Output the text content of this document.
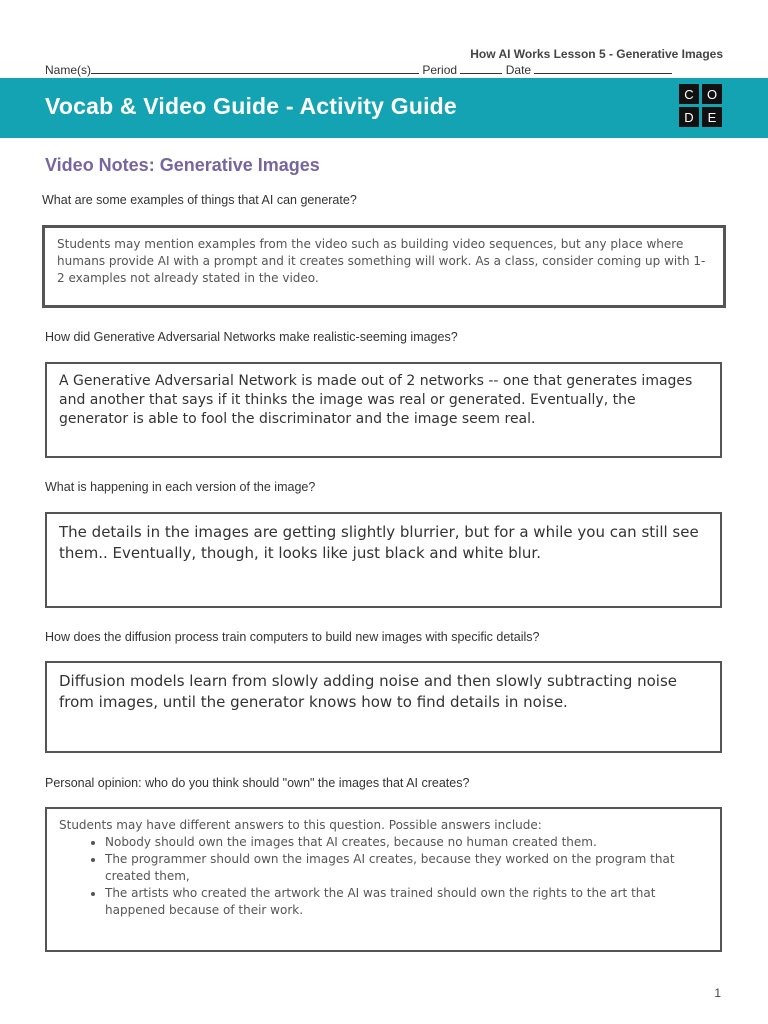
How AI Works Lesson 5 - Generative Images
Name(s)	Period	Date
Vocab & Video Guide - Activity Guide	C	O
D	E
Video Notes: Generative Images
What are some examples of things that AI can generate?
Students may mention examples from the video such as building video sequences, but any place where humans provide AI with a prompt and it creates something will work. As a class, consider coming up with 1-2 examples not already stated in the video.
How did Generative Adversarial Networks make realistic-seeming images?
A Generative Adversarial Network is made out of 2 networks -- one that generates images and another that says if it thinks the image was real or generated. Eventually, the generator is able to fool the discriminator and the image seem real.
What is happening in each version of the image?
The details in the images are getting slightly blurrier, but for a while you can still see them.. Eventually, though, it looks like just black and white blur.
How does the diffusion process train computers to build new images with specific details?
Diffusion models learn from slowly adding noise and then slowly subtracting noise from images, until the generator knows how to find details in noise.
Personal opinion: who do you think should "own" the images that AI creates?
Students may have different answers to this question. Possible answers include:
• Nobody should own the images that AI creates, because no human created them.
• The programmer should own the images AI creates, because they worked on the program that created them,
• The artists who created the artwork the AI was trained should own the rights to the art that happened because of their work.
1
